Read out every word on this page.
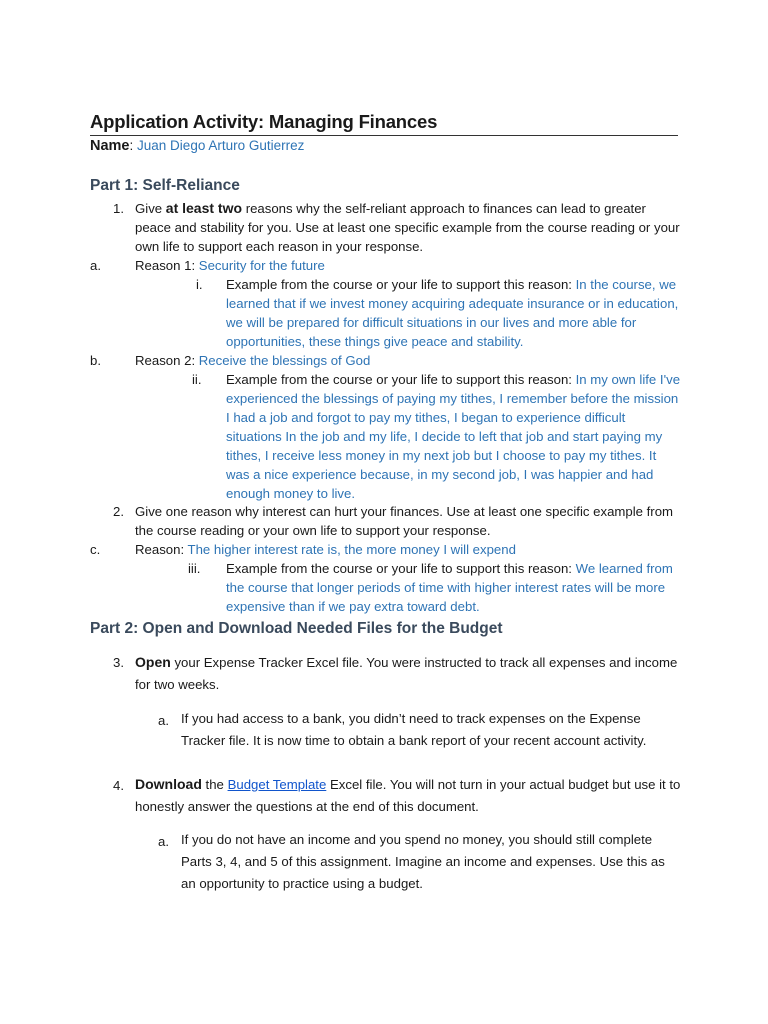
Application Activity: Managing Finances
Name: Juan Diego Arturo Gutierrez
Part 1: Self-Reliance
1. Give at least two reasons why the self-reliant approach to finances can lead to greater peace and stability for you. Use at least one specific example from the course reading or your own life to support each reason in your response.
a.	Reason 1: Security for the future
i. Example from the course or your life to support this reason: In the course, we learned that if we invest money acquiring adequate insurance or in education, we will be prepared for difficult situations in our lives and more able for opportunities, these things give peace and stability.
b.	Reason 2: Receive the blessings of God
ii. Example from the course or your life to support this reason: In my own life I've experienced the blessings of paying my tithes, I remember before the mission I had a job and forgot to pay my tithes, I began to experience difficult situations In the job and my life, I decide to left that job and start paying my tithes, I receive less money in my next job but I choose to pay my tithes. It was a nice experience because, in my second job, I was happier and had enough money to live.
2. Give one reason why interest can hurt your finances. Use at least one specific example from the course reading or your own life to support your response.
c.	Reason: The higher interest rate is, the more money I will expend
iii. Example from the course or your life to support this reason: We learned from the course that longer periods of time with higher interest rates will be more expensive than if we pay extra toward debt.
Part 2: Open and Download Needed Files for the Budget
3. Open your Expense Tracker Excel file. You were instructed to track all expenses and income for two weeks.
a. If you had access to a bank, you didn’t need to track expenses on the Expense Tracker file. It is now time to obtain a bank report of your recent account activity.
4. Download the Budget Template Excel file. You will not turn in your actual budget but use it to honestly answer the questions at the end of this document.
a. If you do not have an income and you spend no money, you should still complete Parts 3, 4, and 5 of this assignment. Imagine an income and expenses. Use this as an opportunity to practice using a budget.
